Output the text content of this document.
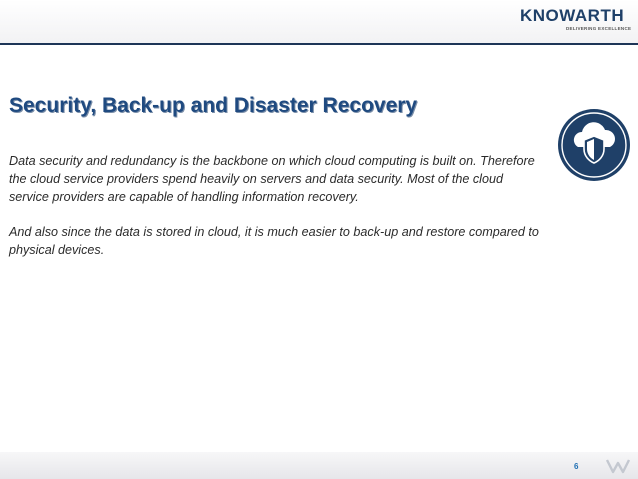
KNOWARTH
DELIVERING EXCELLENCE
Security, Back-up and Disaster Recovery

Data security and redundancy is the backbone on which cloud computing is built on. Therefore the cloud service providers spend heavily on servers and data security. Most of the cloud service providers are capable of handling information recovery.

And also since the data is stored in cloud, it is much easier to back-up and restore compared to physical devices.

6
